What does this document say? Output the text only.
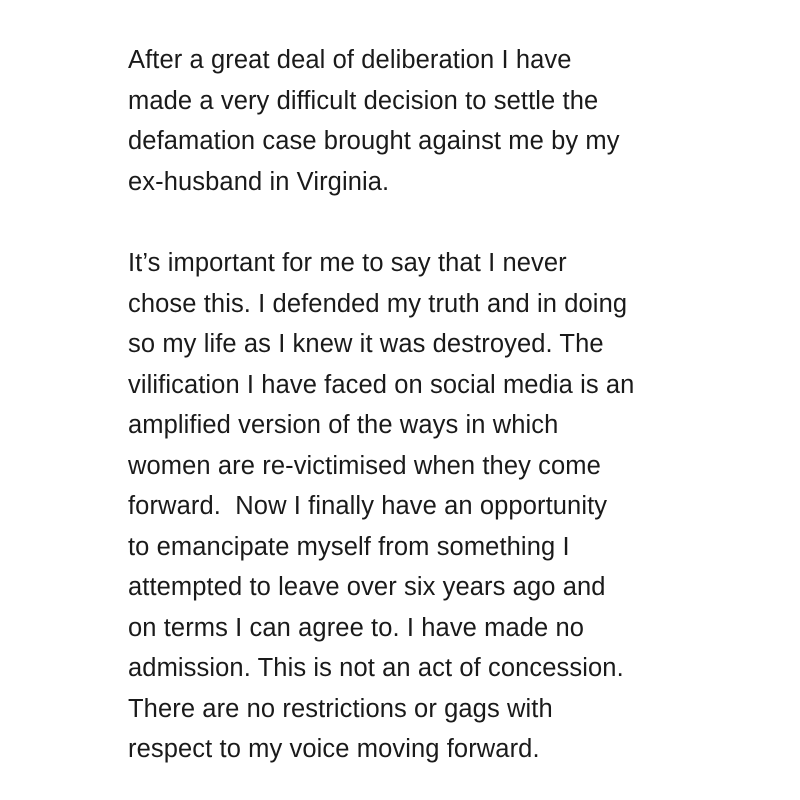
After a great deal of deliberation I have
made a very difficult decision to settle the
defamation case brought against me by my
ex-husband in Virginia.
It’s important for me to say that I never
chose this. I defended my truth and in doing
so my life as I knew it was destroyed. The
vilification I have faced on social media is an
amplified version of the ways in which
women are re-victimised when they come
forward.  Now I finally have an opportunity
to emancipate myself from something I
attempted to leave over six years ago and
on terms I can agree to. I have made no
admission. This is not an act of concession.
There are no restrictions or gags with
respect to my voice moving forward.
